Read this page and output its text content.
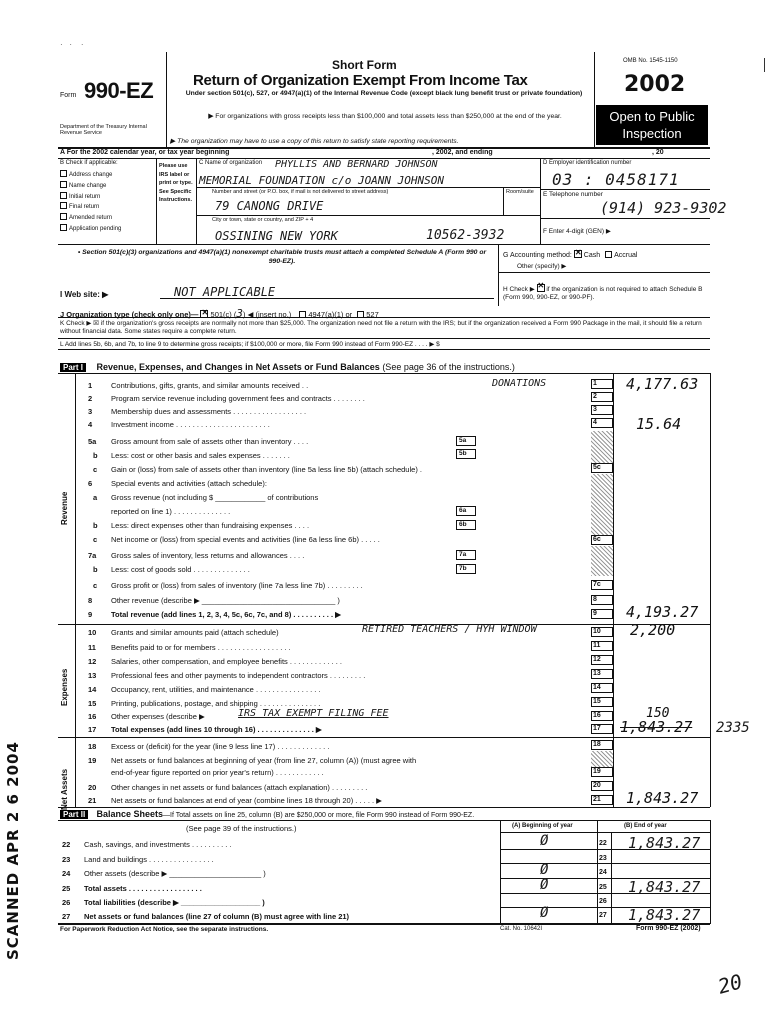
·   ·    ·
Form 990-EZ
Department of the Treasury Internal Revenue Service
Short Form
Return of Organization Exempt From Income Tax
Under section 501(c), 527, or 4947(a)(1) of the Internal Revenue Code (except black lung benefit trust or private foundation)
▶ For organizations with gross receipts less than $100,000 and total assets less than $250,000 at the end of the year.
▶ The organization may have to use a copy of this return to satisfy state reporting requirements.
OMB No. 1545-1150
2002
Open to Public
Inspection
A For the 2002 calendar year, or tax year beginning	, 2002, and ending	, 20
B Check if applicable:
Address change
Name change
Initial return
Final return
Amended return
Application pending
Please use IRS label or print or type. See Specific Instructions.
C Name of organization PHYLLIS AND BERNARD JOHNSON
MEMORIAL FOUNDATION c/o JOANN JOHNSON
Number and street (or P.O. box, if mail is not delivered to street address)	Room/suite
79 CANONG DRIVE
City or town, state or country, and ZIP + 4
OSSINING NEW YORK	10562-3932
D Employer identification number
03 : 0458171
E Telephone number
(914) 923-9302
F Enter 4-digit (GEN) ▶
• Section 501(c)(3) organizations and 4947(a)(1) nonexempt charitable trusts must attach a completed Schedule A (Form 990 or 990-EZ).
G Accounting method: ✕ Cash Accrual
Other (specify) ▶
I Web site: ▶	NOT APPLICABLE	H Check ▶ ✕ if the organization is not required to attach Schedule B (Form 990, 990-EZ, or 990-PF).
J Organization type (check only one)— ✕ 501(c) (3) ◀ (insert no.) 4947(a)(1) or 527
K Check ▶ ☒ if the organization's gross receipts are normally not more than $25,000. The organization need not file a return with the IRS; but if the organization received a Form 990 Package in the mail, it should file a return without financial data. Some states require a complete return.
L Add lines 5b, 6b, and 7b, to line 9 to determine gross receipts; if $100,000 or more, file Form 990 instead of Form 990-EZ . . . . ▶ $
Part I Revenue, Expenses, and Changes in Net Assets or Fund Balances (See page 36 of the instructions.)
Revenue
Expenses
Net Assets
1	Contributions, gifts, grants, and similar amounts received . .	DONATIONS	1	4,177.63
2	Program service revenue including government fees and contracts . . . . . . . .	2
3	Membership dues and assessments . . . . . . . . . . . . . . . . . .	3
4	Investment income . . . . . . . . . . . . . . . . . . . . . . .	4	15.64
5a	Gross amount from sale of assets other than inventory . . . .	5a
b	Less: cost or other basis and sales expenses . . . . . . .	5b
c	Gain or (loss) from sale of assets other than inventory (line 5a less line 5b) (attach schedule) .	5c
6	Special events and activities (attach schedule):
a	Gross revenue (not including $ ____________ of contributions
reported on line 1) . . . . . . . . . . . . . .	6a
b	Less: direct expenses other than fundraising expenses . . . .	6b
c	Net income or (loss) from special events and activities (line 6a less line 6b) . . . . .	6c
7a	Gross sales of inventory, less returns and allowances . . . .	7a
b	Less: cost of goods sold . . . . . . . . . . . . . .	7b
c	Gross profit or (loss) from sales of inventory (line 7a less line 7b) . . . . . . . . .	7c
8	Other revenue (describe ▶ ________________________________ )	8
9	Total revenue (add lines 1, 2, 3, 4, 5c, 6c, 7c, and 8) . . . . . . . . . . ▶	9	4,193.27
10	Grants and similar amounts paid (attach schedule)	RETIRED TEACHERS / HYH WINDOW	10	2,200
11	Benefits paid to or for members . . . . . . . . . . . . . . . . . .	11
12	Salaries, other compensation, and employee benefits . . . . . . . . . . . . .	12
13	Professional fees and other payments to independent contractors . . . . . . . . .	13
14	Occupancy, rent, utilities, and maintenance . . . . . . . . . . . . . . . .	14
15	Printing, publications, postage, and shipping . . . . . . . . . . . . . . .	15
16	Other expenses (describe ▶	IRS TAX EXEMPT FILING FEE	16	150
17	Total expenses (add lines 10 through 16) . . . . . . . . . . . . . . ▶	17	1,843.27 2335
18	Excess or (deficit) for the year (line 9 less line 17) . . . . . . . . . . . . .	18
19	Net assets or fund balances at beginning of year (from line 27, column (A)) (must agree with
end-of-year figure reported on prior year's return) . . . . . . . . . . . .	19
20	Other changes in net assets or fund balances (attach explanation) . . . . . . . . .	20
21	Net assets or fund balances at end of year (combine lines 18 through 20) . . . . . ▶	21	1,843.27
Part II Balance Sheets—If Total assets on line 25, column (B) are $250,000 or more, file Form 990 instead of Form 990-EZ.
(See page 39 of the instructions.)	(A) Beginning of year	(B) End of year
22 Cash, savings, and investments . . . . . . . . . .	Ø	22 1,843.27
23 Land and buildings . . . . . . . . . . . . . . . .	23
24 Other assets (describe ▶ ______________________ )	Ø	24
25 Total assets . . . . . . . . . . . . . . . . . .	Ø	25 1,843.27
26 Total liabilities (describe ▶ ___________________ )	26
27 Net assets or fund balances (line 27 of column (B) must agree with line 21)	Ø	27 1,843.27
For Paperwork Reduction Act Notice, see the separate instructions.	Cat. No. 10642I	Form 990-EZ (2002)
SCANNED APR 2 6 2004
20
